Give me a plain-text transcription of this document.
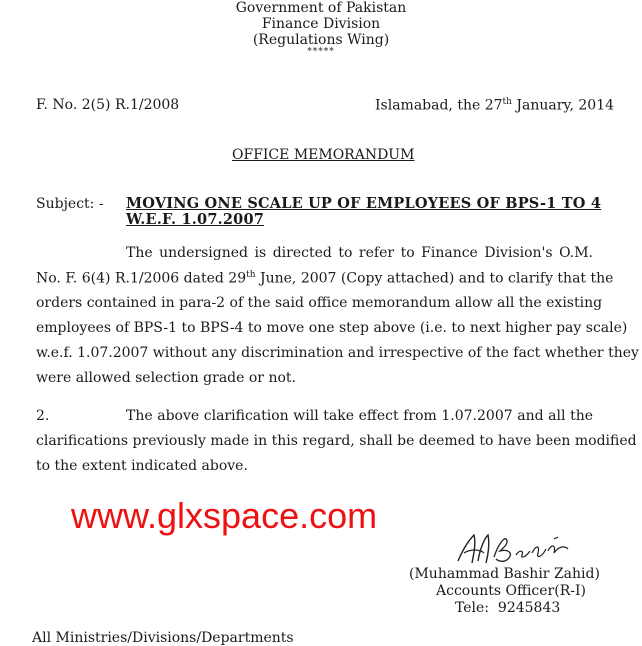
Government of Pakistan
Finance Division
(Regulations Wing)
*****
F. No. 2(5) R.1/2008	Islamabad, the 27th January, 2014
OFFICE MEMORANDUM
Subject: - MOVING ONE SCALE UP OF EMPLOYEES OF BPS-1 TO 4
W.E.F. 1.07.2007
The undersigned is directed to refer to Finance Division's O.M.
No. F. 6(4) R.1/2006 dated 29th June, 2007 (Copy attached) and to clarify that the
orders contained in para-2 of the said office memorandum allow all the existing
employees of BPS-1 to BPS-4 to move one step above (i.e. to next higher pay scale)
w.e.f. 1.07.2007 without any discrimination and irrespective of the fact whether they
were allowed selection grade or not.
2.	The above clarification will take effect from 1.07.2007 and all the
clarifications previously made in this regard, shall be deemed to have been modified
to the extent indicated above.
www.glxspace.com
(Muhammad Bashir Zahid)
Accounts Officer(R-I)
Tele: 9245843
All Ministries/Divisions/Departments
